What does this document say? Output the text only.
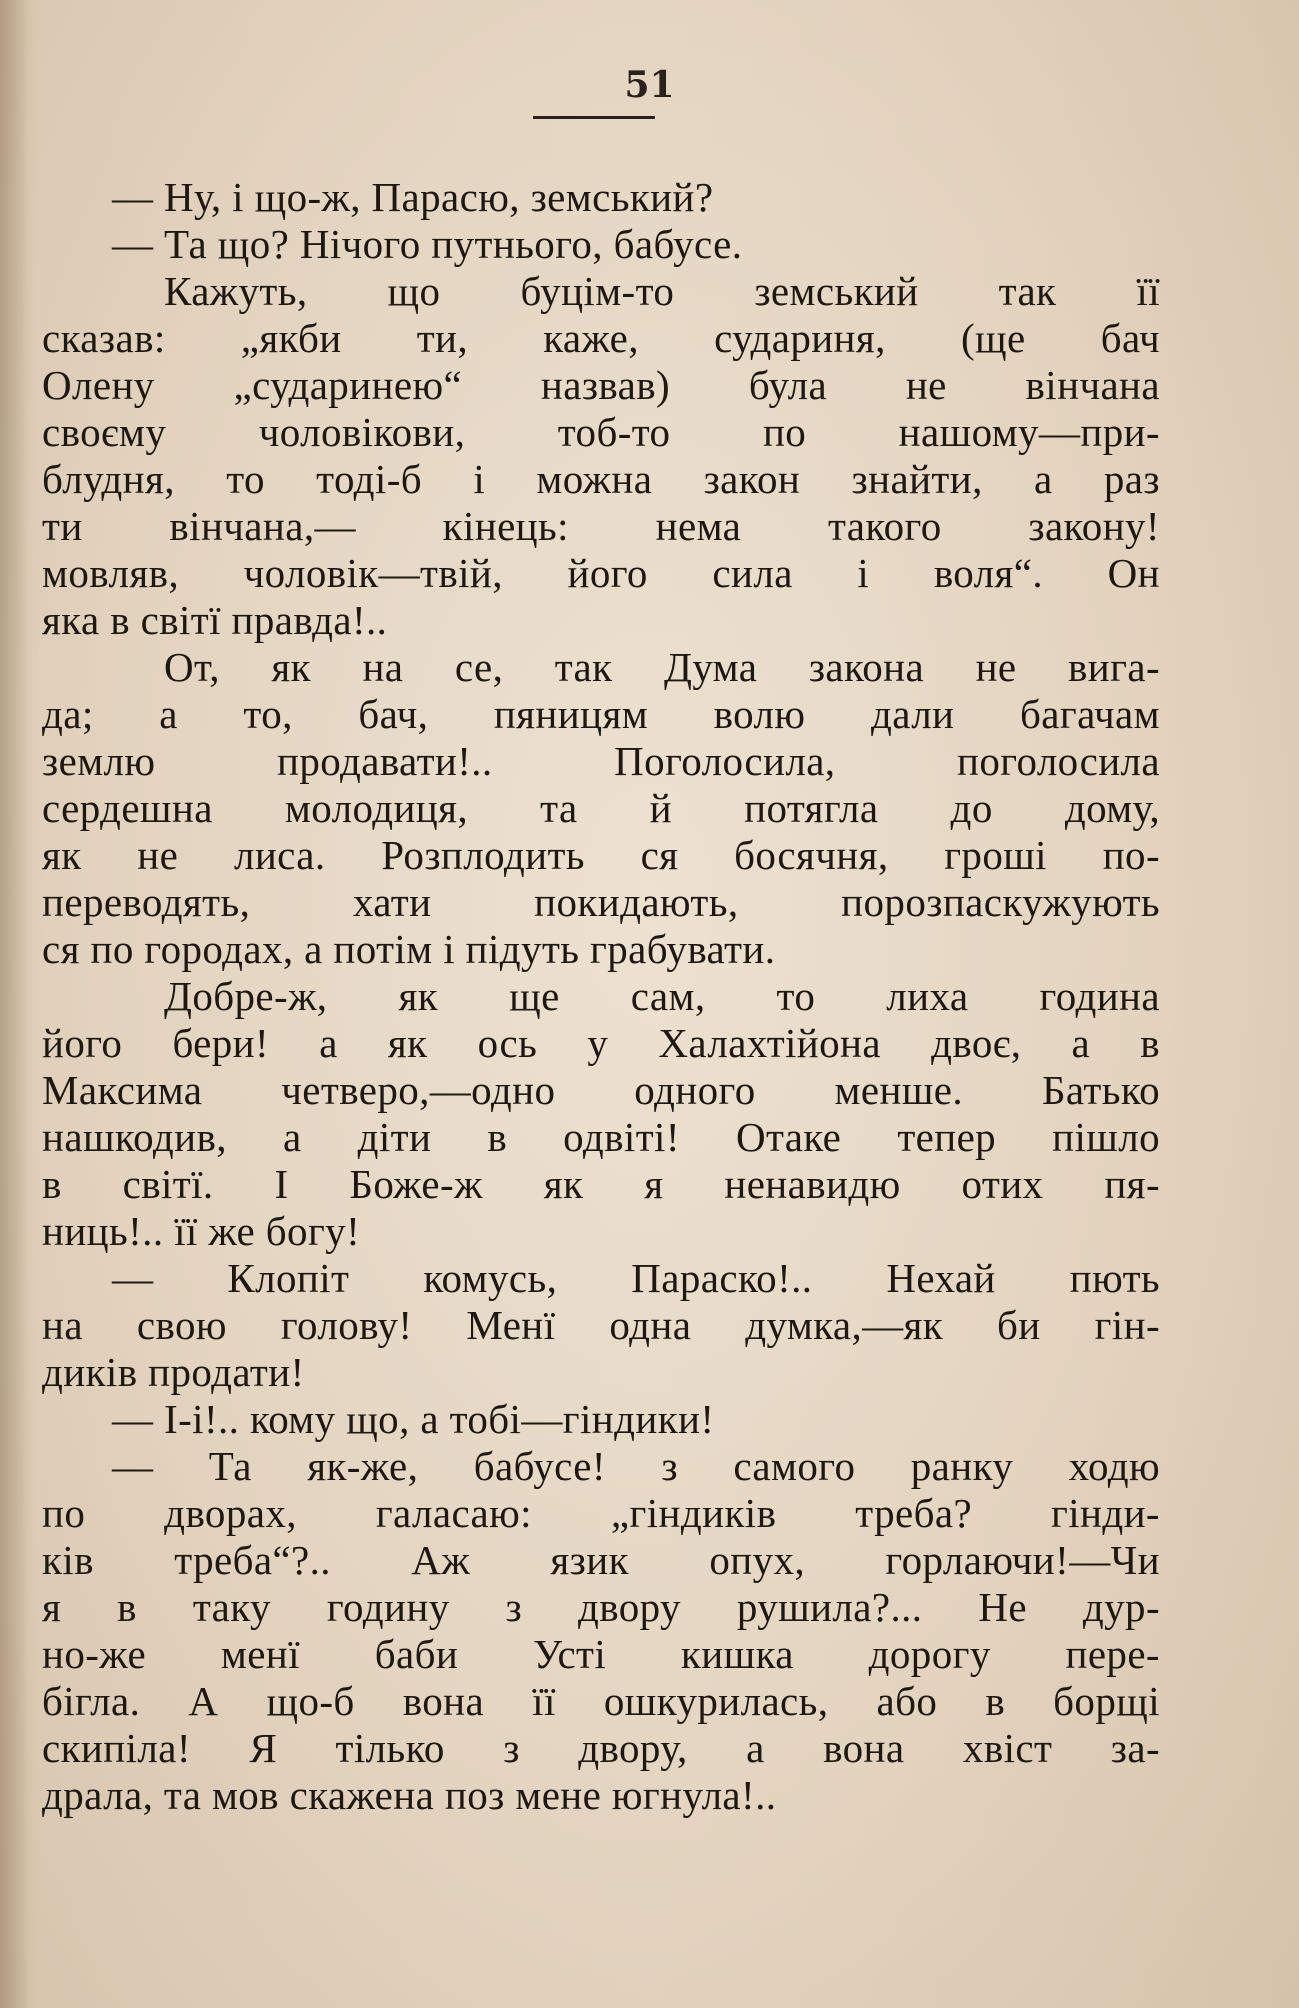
51
— Ну, і що-ж, Парасю, земський?
— Та що? Нічого путнього, бабусе.
Кажуть, що буцім-то земський так її
сказав: „якби ти, каже, судариня, (ще бач
Олену „сударинею“ назвав) була не вінчана
своєму чоловікови, тоб-то по нашому—при-
блудня, то тоді-б і можна закон знайти, а раз
ти вінчана,— кінець: нема такого закону!
мовляв, чоловік—твій, його сила і воля“. Он
яка в світї правда!..
От, як на се, так Дума закона не вига-
да; а то, бач, пяницям волю дали багачам
землю продавати!.. Поголосила, поголосила
сердешна молодиця, та й потягла до дому,
як не лиса. Розплодить ся босячня, гроші по-
переводять, хати покидають, порозпаскужують
ся по городах, а потім і підуть грабувати.
Добре-ж, як ще сам, то лиха година
його бери! а як ось у Халахтійона двоє, а в
Максима четверо,—одно одного менше. Батько
нашкодив, а діти в одвіті! Отаке тепер пішло
в світї. І Боже-ж як я ненавидю отих пя-
ниць!.. її же богу!
— Клопіт комусь, Параско!.. Нехай пють
на свою голову! Менї одна думка,—як би гін-
диків продати!
— І-і!.. кому що, а тобі—гіндики!
— Та як-же, бабусе! з самого ранку ходю
по дворах, галасаю: „гіндиків треба? гінди-
ків треба“?.. Аж язик опух, горлаючи!—Чи
я в таку годину з двору рушила?... Не дур-
но-же менї баби Усті кишка дорогу пере-
бігла. А що-б вона її ошкурилась, або в борщі
скипіла! Я тілько з двору, а вона хвіст за-
драла, та мов скажена поз мене югнула!..
